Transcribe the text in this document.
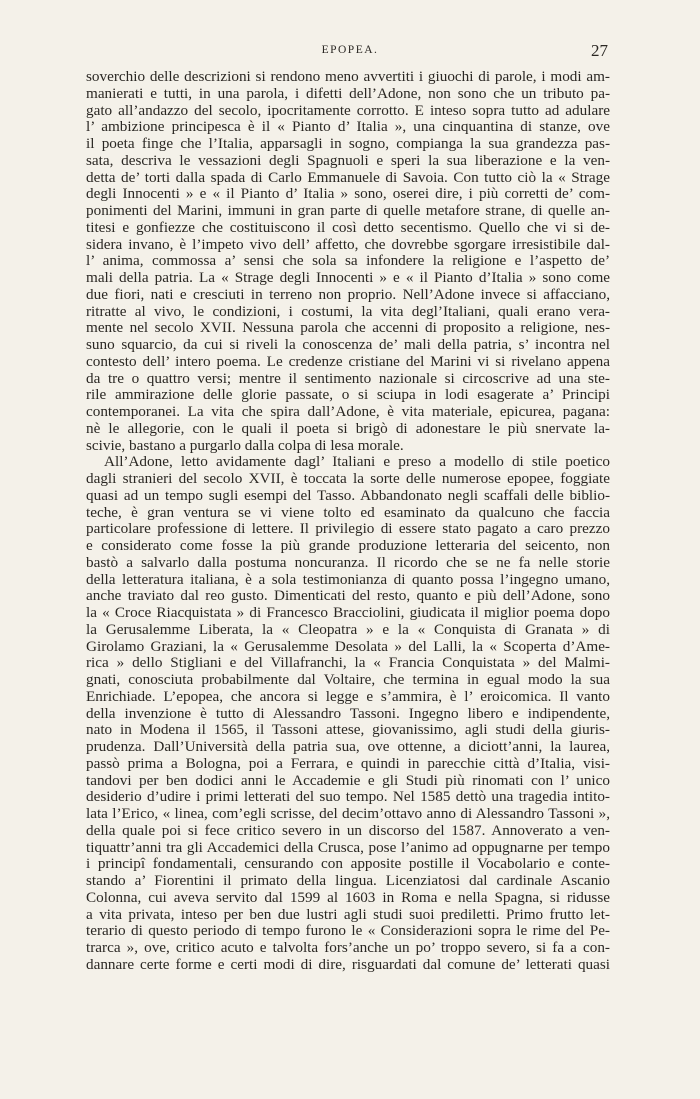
EPOPEA.	27
soverchio delle descrizioni si rendono meno avvertiti i giuochi di parole, i modi am-
manierati e tutti, in una parola, i difetti dell’Adone, non sono che un tributo pa-
gato all’andazzo del secolo, ipocritamente corrotto. E inteso sopra tutto ad adulare
l’ ambizione principesca è il « Pianto d’ Italia », una cinquantina di stanze, ove
il poeta finge che l’Italia, apparsagli in sogno, compianga la sua grandezza pas-
sata, descriva le vessazioni degli Spagnuoli e speri la sua liberazione e la ven-
detta de’ torti dalla spada di Carlo Emmanuele di Savoia. Con tutto ciò la « Strage
degli Innocenti » e « il Pianto d’ Italia » sono, oserei dire, i più corretti de’ com-
ponimenti del Marini, immuni in gran parte di quelle metafore strane, di quelle an-
titesi e gonfiezze che costituiscono il così detto secentismo. Quello che vi si de-
sidera invano, è l’impeto vivo dell’ affetto, che dovrebbe sgorgare irresistibile dal-
l’ anima, commossa a’ sensi che sola sa infondere la religione e l’aspetto de’
mali della patria. La « Strage degli Innocenti » e « il Pianto d’Italia » sono come
due fiori, nati e cresciuti in terreno non proprio. Nell’Adone invece si affacciano,
ritratte al vivo, le condizioni, i costumi, la vita degl’Italiani, quali erano vera-
mente nel secolo XVII. Nessuna parola che accenni di proposito a religione, nes-
suno squarcio, da cui si riveli la conoscenza de’ mali della patria, s’ incontra nel
contesto dell’ intero poema. Le credenze cristiane del Marini vi si rivelano appena
da tre o quattro versi; mentre il sentimento nazionale si circoscrive ad una ste-
rile ammirazione delle glorie passate, o si sciupa in lodi esagerate a’ Principi
contemporanei. La vita che spira dall’Adone, è vita materiale, epicurea, pagana:
nè le allegorie, con le quali il poeta si brigò di adonestare le più snervate la-
scivie, bastano a purgarlo dalla colpa di lesa morale.
All’Adone, letto avidamente dagl’ Italiani e preso a modello di stile poetico
dagli stranieri del secolo XVII, è toccata la sorte delle numerose epopee, foggiate
quasi ad un tempo sugli esempi del Tasso. Abbandonato negli scaffali delle biblio-
teche, è gran ventura se vi viene tolto ed esaminato da qualcuno che faccia
particolare professione di lettere. Il privilegio di essere stato pagato a caro prezzo
e considerato come fosse la più grande produzione letteraria del seicento, non
bastò a salvarlo dalla postuma noncuranza. Il ricordo che se ne fa nelle storie
della letteratura italiana, è a sola testimonianza di quanto possa l’ingegno umano,
anche traviato dal reo gusto. Dimenticati del resto, quanto e più dell’Adone, sono
la « Croce Riacquistata » di Francesco Bracciolini, giudicata il miglior poema dopo
la Gerusalemme Liberata, la « Cleopatra » e la « Conquista di Granata » di
Girolamo Graziani, la « Gerusalemme Desolata » del Lalli, la « Scoperta d’Ame-
rica » dello Stigliani e del Villafranchi, la « Francia Conquistata » del Malmi-
gnati, conosciuta probabilmente dal Voltaire, che termina in egual modo la sua
Enrichiade. L’epopea, che ancora si legge e s’ammira, è l’ eroicomica. Il vanto
della invenzione è tutto di Alessandro Tassoni. Ingegno libero e indipendente,
nato in Modena il 1565, il Tassoni attese, giovanissimo, agli studi della giuris-
prudenza. Dall’Università della patria sua, ove ottenne, a diciott’anni, la laurea,
passò prima a Bologna, poi a Ferrara, e quindi in parecchie città d’Italia, visi-
tandovi per ben dodici anni le Accademie e gli Studi più rinomati con l’ unico
desiderio d’udire i primi letterati del suo tempo. Nel 1585 dettò una tragedia intito-
lata l’Erico, « linea, com’egli scrisse, del decim’ottavo anno di Alessandro Tassoni »,
della quale poi si fece critico severo in un discorso del 1587. Annoverato a ven-
tiquattr’anni tra gli Accademici della Crusca, pose l’animo ad oppugnarne per tempo
i principî fondamentali, censurando con apposite postille il Vocabolario e conte-
stando a’ Fiorentini il primato della lingua. Licenziatosi dal cardinale Ascanio
Colonna, cui aveva servito dal 1599 al 1603 in Roma e nella Spagna, si ridusse
a vita privata, inteso per ben due lustri agli studi suoi prediletti. Primo frutto let-
terario di questo periodo di tempo furono le « Considerazioni sopra le rime del Pe-
trarca », ove, critico acuto e talvolta fors’anche un po’ troppo severo, si fa a con-
dannare certe forme e certi modi di dire, risguardati dal comune de’ letterati quasi
